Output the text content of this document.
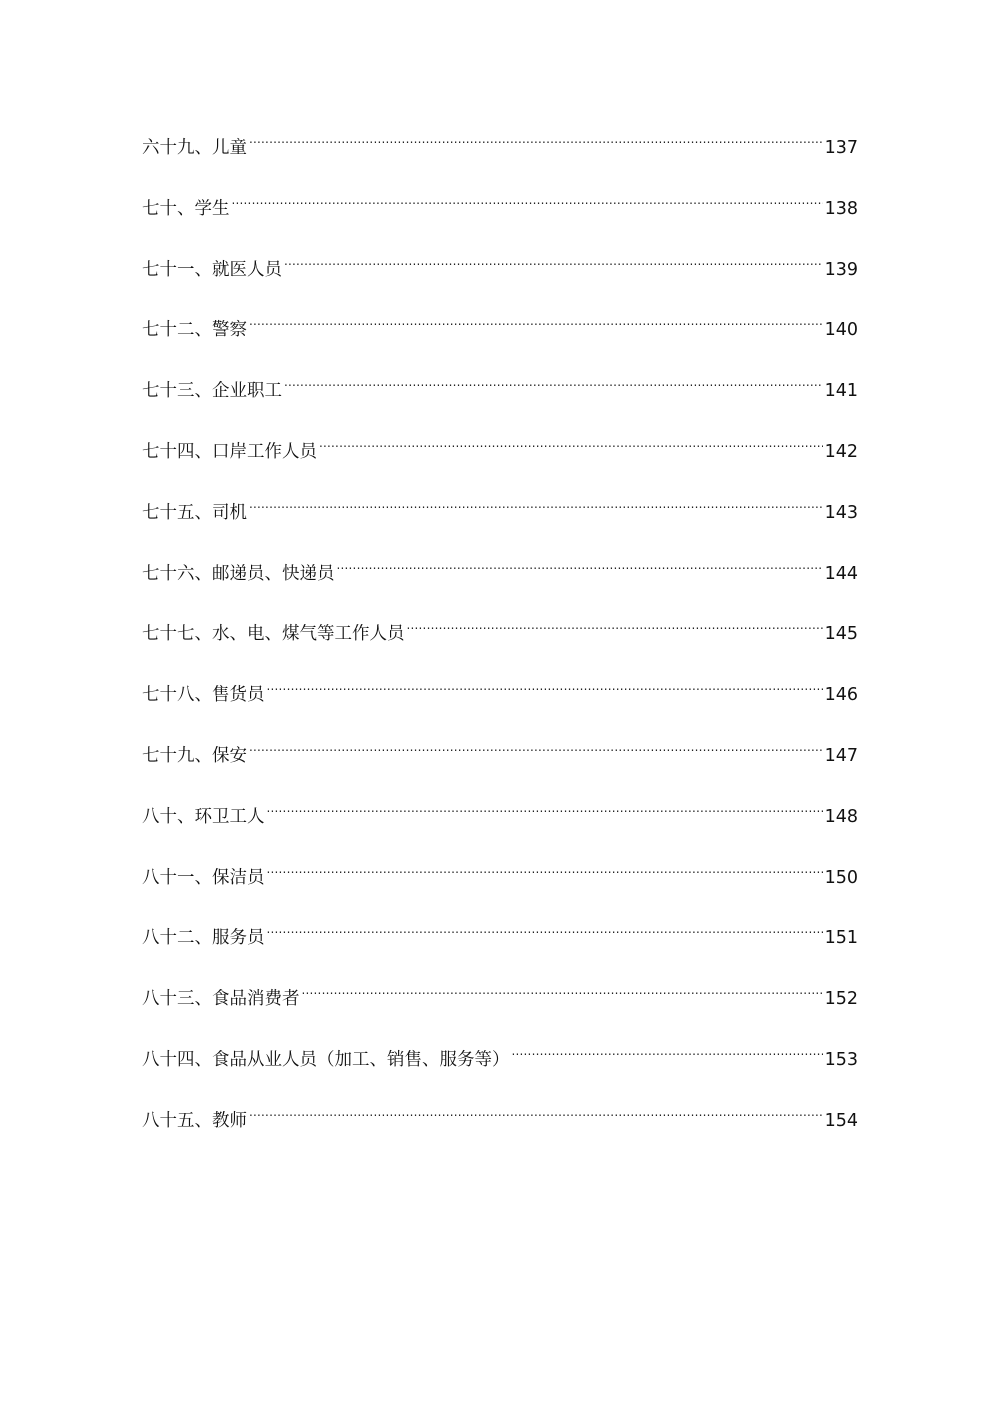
六十九、儿童 .....	137
七十、学生 .....	138
七十一、就医人员 .....	139
七十二、警察 .....	140
七十三、企业职工 .....	141
七十四、口岸工作人员 .....	142
七十五、司机 .....	143
七十六、邮递员、快递员 .....	144
七十七、水、电、煤气等工作人员 .....	145
七十八、售货员 .....	146
七十九、保安 .....	147
八十、环卫工人 .....	148
八十一、保洁员 .....	150
八十二、服务员 .....	151
八十三、食品消费者 .....	152
八十四、食品从业人员（加工、销售、服务等） .....	153
八十五、教师 .....	154
